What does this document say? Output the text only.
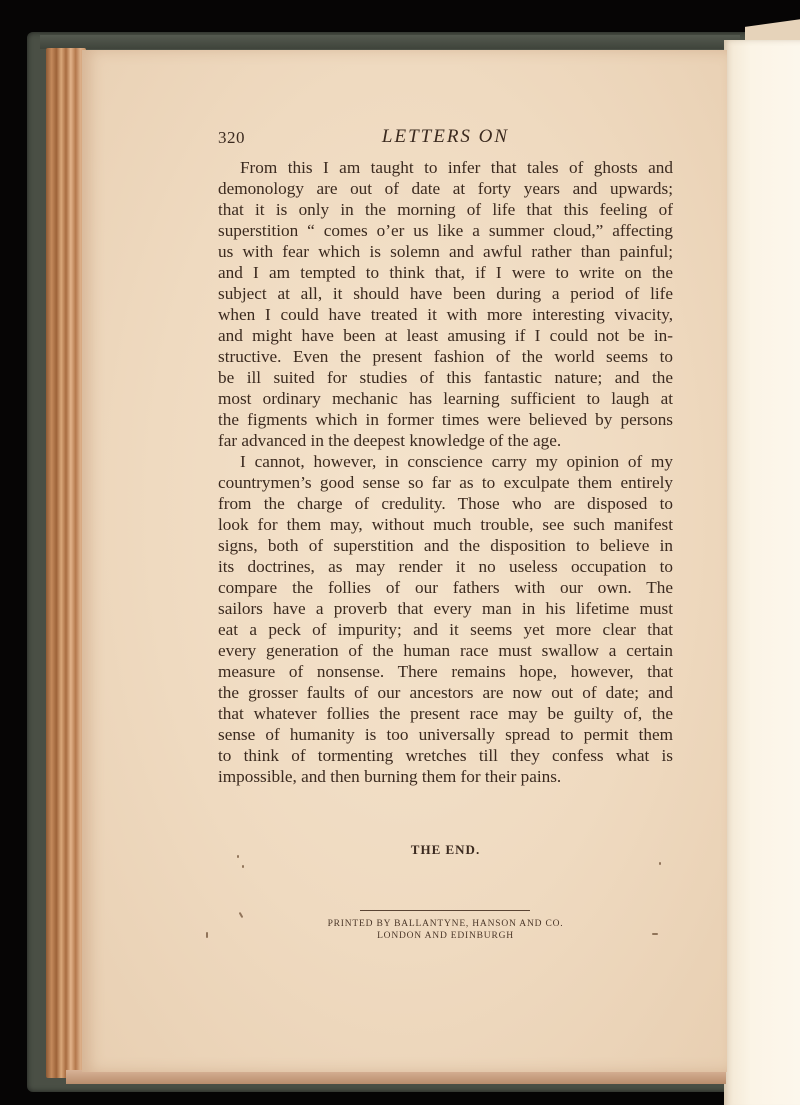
320	LETTERS ON

From this I am taught to infer that tales of ghosts and
demonology are out of date at forty years and upwards;
that it is only in the morning of life that this feeling of
superstition “ comes o’er us like a summer cloud,” affecting
us with fear which is solemn and awful rather than painful;
and I am tempted to think that, if I were to write on the
subject at all, it should have been during a period of life
when I could have treated it with more interesting vivacity,
and might have been at least amusing if I could not be in-
structive. Even the present fashion of the world seems to
be ill suited for studies of this fantastic nature; and the
most ordinary mechanic has learning sufficient to laugh at
the figments which in former times were believed by persons
far advanced in the deepest knowledge of the age.

I cannot, however, in conscience carry my opinion of my
countrymen’s good sense so far as to exculpate them entirely
from the charge of credulity. Those who are disposed to
look for them may, without much trouble, see such manifest
signs, both of superstition and the disposition to believe in
its doctrines, as may render it no useless occupation to
compare the follies of our fathers with our own. The
sailors have a proverb that every man in his lifetime must
eat a peck of impurity; and it seems yet more clear that
every generation of the human race must swallow a certain
measure of nonsense. There remains hope, however, that
the grosser faults of our ancestors are now out of date; and
that whatever follies the present race may be guilty of, the
sense of humanity is too universally spread to permit them
to think of tormenting wretches till they confess what is
impossible, and then burning them for their pains.

THE END.
PRINTED BY BALLANTYNE, HANSON AND CO.
LONDON AND EDINBURGH
